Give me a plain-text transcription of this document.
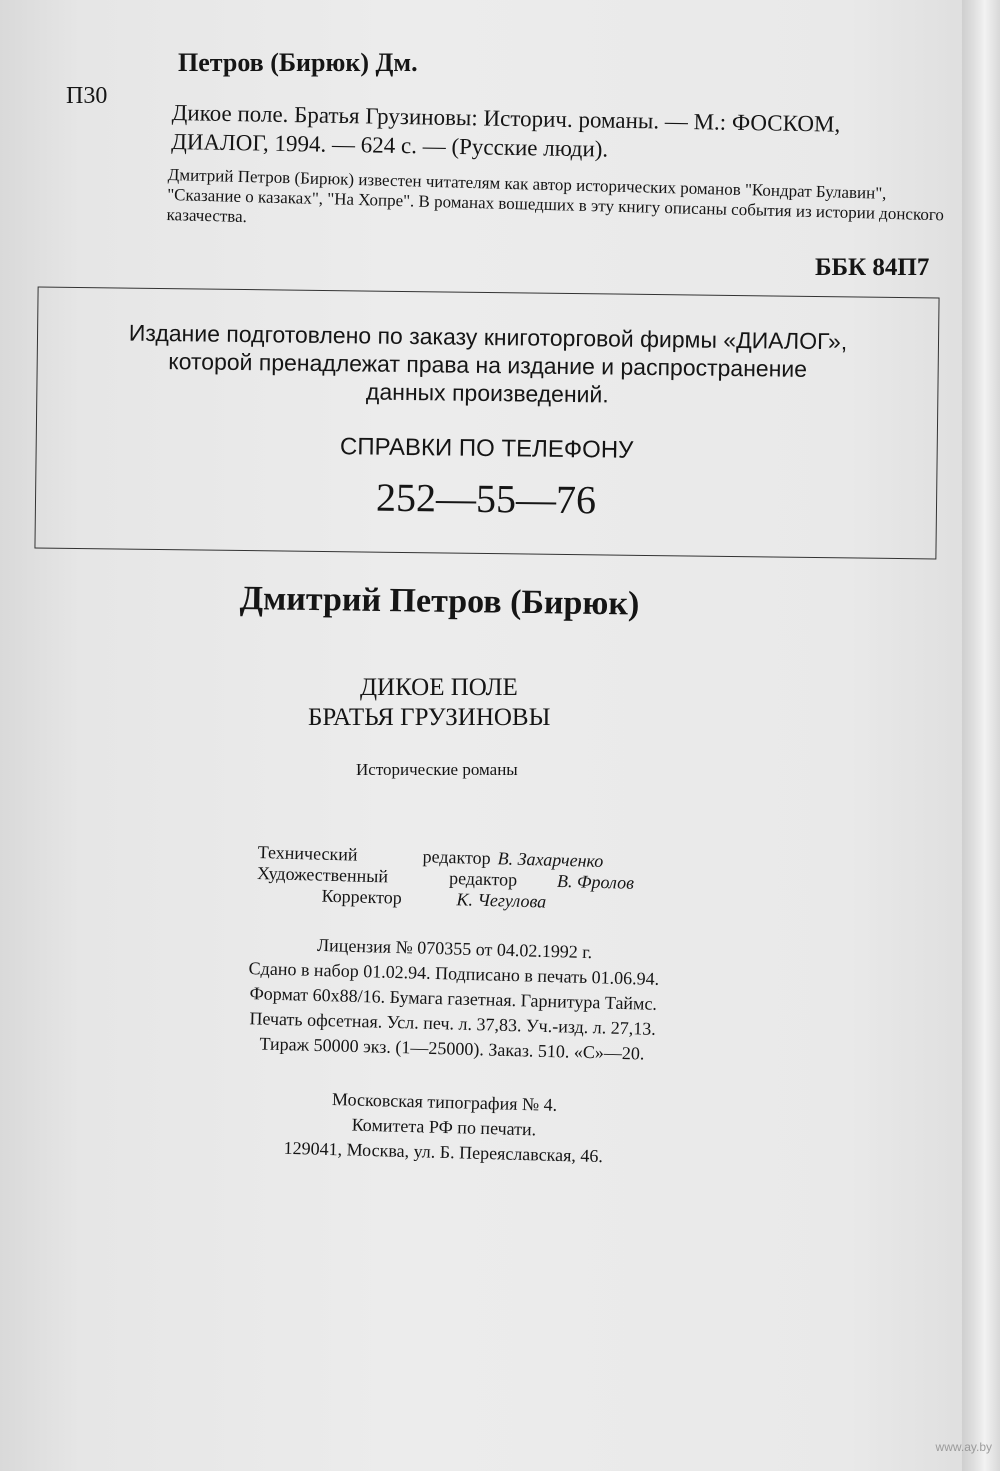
Петров (Бирюк) Дм.
П30
Дикое поле. Братья Грузиновы: Историч. романы. — М.: ФОСКОМ,
ДИАЛОГ, 1994. — 624 с. — (Русские люди).
Дмитрий Петров (Бирюк) известен читателям как автор исторических романов "Кондрат Булавин", "Сказание о казаках", "На Хопре". В романах вошедших в эту книгу описаны события из истории донского казачества.
ББК 84П7
Издание подготовлено по заказу книготорговой фирмы «ДИАЛОГ»,
которой пренадлежат права на издание и распространение
данных произведений.
СПРАВКИ ПО ТЕЛЕФОНУ
252—55—76
Дмитрий Петров (Бирюк)
ДИКОЕ ПОЛЕ
БРАТЬЯ ГРУЗИНОВЫ
Исторические романы
Технический	редактор В. Захарченко
Художественный	редактор В. Фролов
Корректор	К. Чегулова
Лицензия № 070355 от 04.02.1992 г.
Сдано в набор 01.02.94. Подписано в печать 01.06.94.
Формат 60х88/16. Бумага газетная. Гарнитура Таймс.
Печать офсетная. Усл. печ. л. 37,83. Уч.-изд. л. 27,13.
Тираж 50000 экз. (1—25000). Заказ. 510. «С»—20.
Московская типография № 4.
Комитета РФ по печати.
129041, Москва, ул. Б. Переяславская, 46.
www.ay.by
